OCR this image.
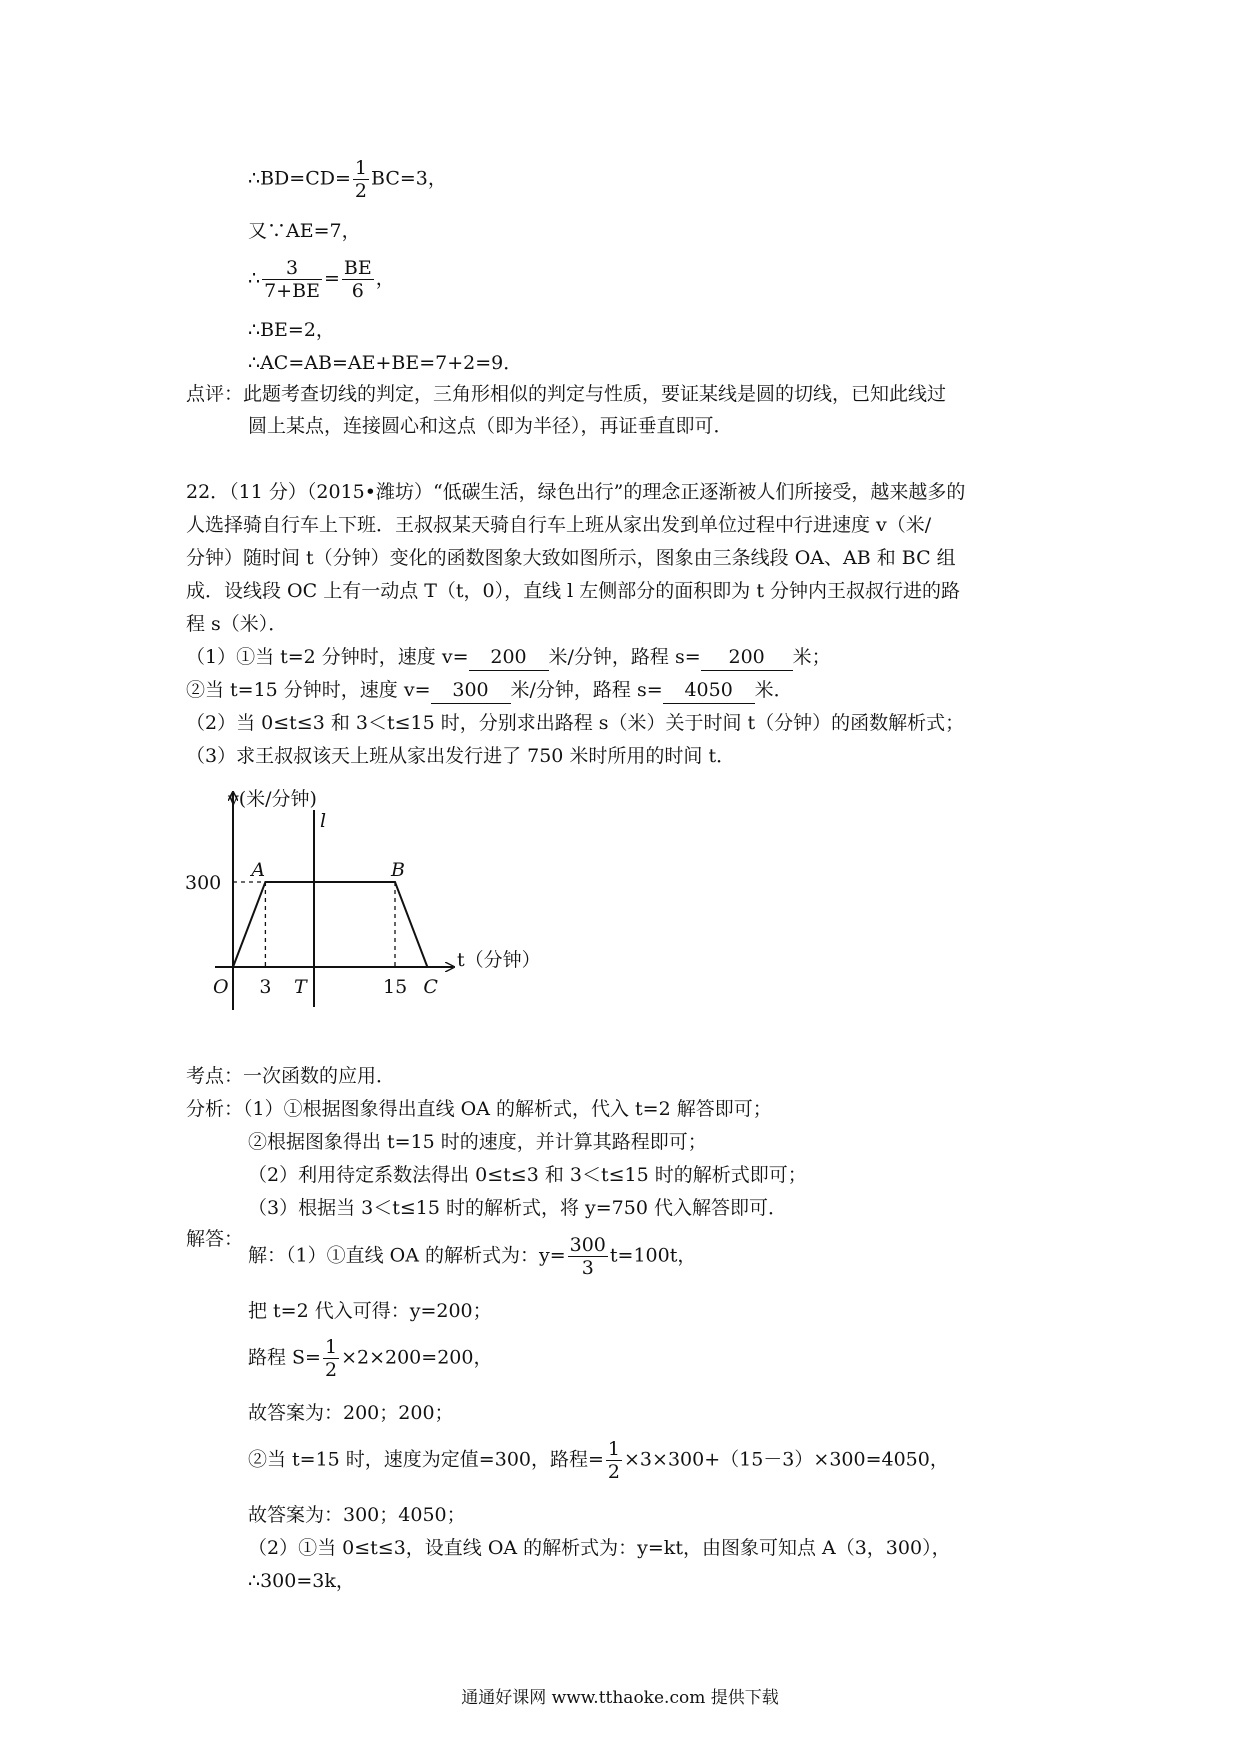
∴BD=CD= $\frac{1}{2} BC=3$，
又∵AE=7，
∴ $\frac{3}{7+BE} = \frac{BE}{6}$ ，
∴BE=2，
∴AC=AB=AE+BE=7+2=9．
点评：此题考查切线的判定，三角形相似的判定与性质，要证某线是圆的切线，已知此线过
圆上某点，连接圆心和这点（即为半径），再证垂直即可．
22．（11 分）（2015•潍坊）“低碳生活，绿色出行”的理念正逐渐被人们所接受，越来越多的
人选择骑自行车上下班．王叔叔某天骑自行车上班从家出发到单位过程中行进速度 v（米/
分钟）随时间 t（分钟）变化的函数图象大致如图所示，图象由三条线段 OA、AB 和 BC 组
成．设线段 OC 上有一动点 T（t，0），直线 l 左侧部分的面积即为 t 分钟内王叔叔行进的路
程 s（米）．
（1）①当 t=2 分钟时，速度 v= 200 米/分钟，路程 s= 200 米；
②当 t=15 分钟时，速度 v= 300 米/分钟，路程 s= 4050 米．
（2）当 0≤t≤3 和 3＜t≤15 时，分别求出路程 s（米）关于时间 t（分钟）的函数解析式；
（3）求王叔叔该天上班从家出发行进了 750 米时所用的时间 t．
v(米/分钟)
t（分钟）
300
3	15
O
A	B
C
T
l
考点：一次函数的应用．
分析：（1）①根据图象得出直线 OA 的解析式，代入 t=2 解答即可；
②根据图象得出 t=15 时的速度，并计算其路程即可；
（2）利用待定系数法得出 0≤t≤3 和 3＜t≤15 时的解析式即可；
（3）根据当 3＜t≤15 时的解析式，将 y=750 代入解答即可．
解答：
解：（1）①直线 OA 的解析式为：$y= \frac{300}{3} t=100t$，
把 t=2 代入可得：y=200；
路程 $S= \frac{1}{2} \times 2\times 200=200$，
故答案为：200；200；
②当 t=15 时，速度为定值=300，路程= $\frac{1}{2} \times 3\times 300+(15-3)\times 300=4050$，
故答案为：300；4050；
（2）①当 0≤t≤3，设直线 OA 的解析式为：y=kt，由图象可知点 A（3，300），
∴300=3k，
通通好课网 www.tthaoke.com 提供下载
